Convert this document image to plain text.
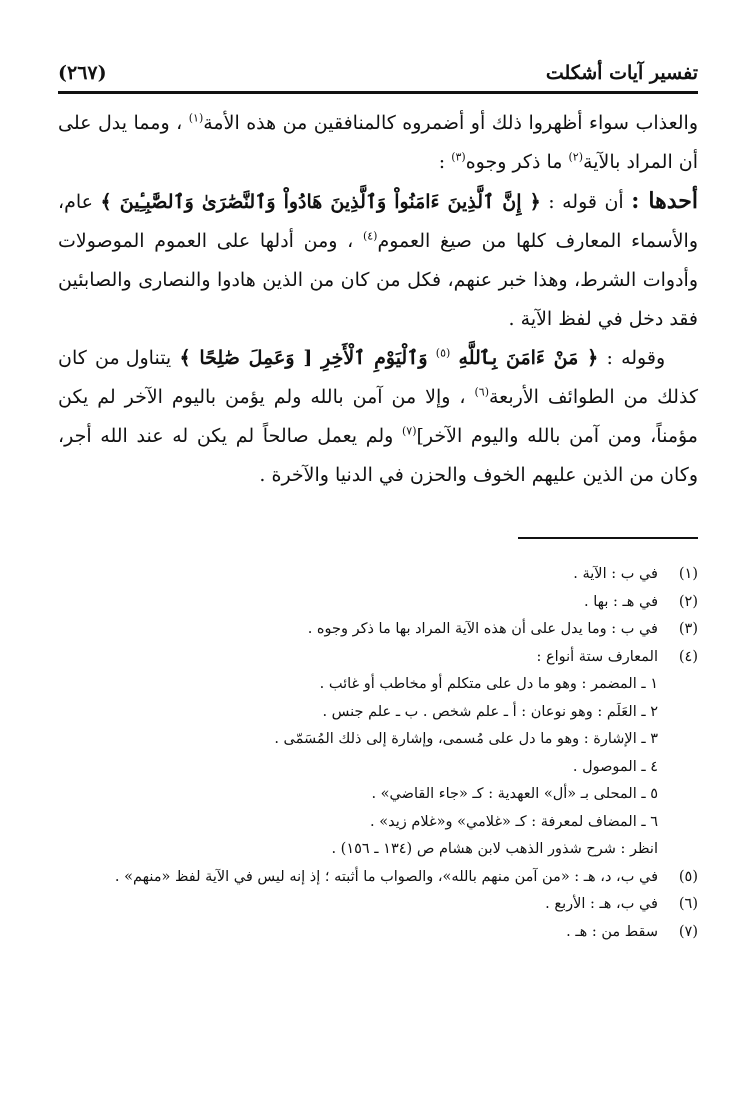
تفسير آيات أشكلت
(٢٦٧)

والعذاب سواء أظهروا ذلك أو أضمروه كالمنافقين من هذه الأمة$^{(١)}$ ، ومما يدل على أن المراد بالآية$^{(٢)}$ ما ذكر وجوه$^{(٣)}$ :

أحدها : أن قوله : ﴿ إِنَّ ٱلَّذِينَ ءَامَنُواْ وَٱلَّذِينَ هَادُواْ وَٱلنَّصَٰرَىٰ وَٱلصَّٰبِـِٔينَ ﴾ عام، والأسماء المعارف كلها من صيغ العموم$^{(٤)}$ ، ومن أدلها على العموم الموصولات وأدوات الشرط، وهذا خبر عنهم، فكل من كان من الذين هادوا والنصارى والصابئين فقد دخل في لفظ الآية .

وقوله : ﴿ مَنْ ءَامَنَ بِٱللَّهِ $^{(٥)}$ وَٱلْيَوْمِ ٱلْأَخِرِ [ وَعَمِلَ صَٰلِحًا ﴾ يتناول من كان كذلك من الطوائف الأربعة$^{(٦)}$ ، وإلا من آمن بالله ولم يؤمن باليوم الآخر لم يكن مؤمناً، ومن آمن بالله واليوم الآخر]$^{(٧)}$ ولم يعمل صالحاً لم يكن له عند الله أجر، وكان من الذين عليهم الخوف والحزن في الدنيا والآخرة .

(١)
في ب : الآية .
(٢)
في هـ : بها .
(٣)
في ب : وما يدل على أن هذه الآية المراد بها ما ذكر وجوه .
(٤)
المعارف ستة أنواع :
١ ـ المضمر : وهو ما دل على متكلم أو مخاطب أو غائب .
٢ ـ العَلَم : وهو نوعان : أ ـ علم شخص . ب ـ علم جنس .
٣ ـ الإشارة : وهو ما دل على مُسمى، وإشارة إلى ذلك المُسَمّى .
٤ ـ الموصول .
٥ ـ المحلى بـ «أل» العهدية : كـ «جاء القاضي» .
٦ ـ المضاف لمعرفة : كـ «غلامي» و«غلام زيد» .
انظر : شرح شذور الذهب لابن هشام ص (١٣٤ ـ ١٥٦) .
(٥)
في ب، د، هـ : «من آمن منهم بالله»، والصواب ما أثبته ؛ إذ إنه ليس في الآية لفظ «منهم» .
(٦)
في ب، هـ : الأربع .
(٧)
سقط من : هـ .
